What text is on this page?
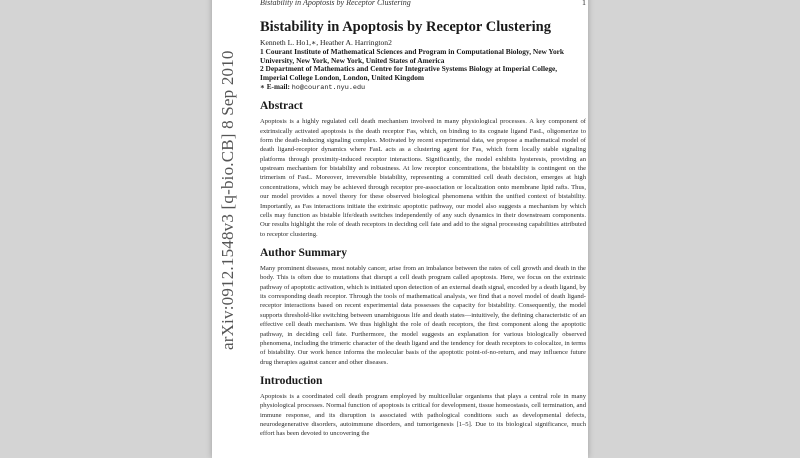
Bistability in Apoptosis by Receptor Clustering	1
arXiv:0912.1548v3 [q-bio.CB] 8 Sep 2010
Bistability in Apoptosis by Receptor Clustering

Kenneth L. Ho1,∗, Heather A. Harrington2

1 Courant Institute of Mathematical Sciences and Program in Computational Biology, New York University, New York, New York, United States of America

2 Department of Mathematics and Centre for Integrative Systems Biology at Imperial College, Imperial College London, London, United Kingdom

∗ E-mail: ho@courant.nyu.edu

Abstract

Apoptosis is a highly regulated cell death mechanism involved in many physiological processes. A key component of extrinsically activated apoptosis is the death receptor Fas, which, on binding to its cognate ligand FasL, oligomerize to form the death-inducing signaling complex. Motivated by recent experimental data, we propose a mathematical model of death ligand-receptor dynamics where FasL acts as a clustering agent for Fas, which form locally stable signaling platforms through proximity-induced receptor interactions. Significantly, the model exhibits hysteresis, providing an upstream mechanism for bistability and robustness. At low receptor concentrations, the bistability is contingent on the trimerism of FasL. Moreover, irreversible bistability, representing a committed cell death decision, emerges at high concentrations, which may be achieved through receptor pre-association or localization onto membrane lipid rafts. Thus, our model provides a novel theory for these observed biological phenomena within the unified context of bistability. Importantly, as Fas interactions initiate the extrinsic apoptotic pathway, our model also suggests a mechanism by which cells may function as bistable life/death switches independently of any such dynamics in their downstream components. Our results highlight the role of death receptors in deciding cell fate and add to the signal processing capabilities attributed to receptor clustering.

Author Summary

Many prominent diseases, most notably cancer, arise from an imbalance between the rates of cell growth and death in the body. This is often due to mutations that disrupt a cell death program called apoptosis. Here, we focus on the extrinsic pathway of apoptotic activation, which is initiated upon detection of an external death signal, encoded by a death ligand, by its corresponding death receptor. Through the tools of mathematical analysis, we find that a novel model of death ligand-receptor interactions based on recent experimental data possesses the capacity for bistability. Consequently, the model supports threshold-like switching between unambiguous life and death states—intuitively, the defining characteristic of an effective cell death mechanism. We thus highlight the role of death receptors, the first component along the apoptotic pathway, in deciding cell fate. Furthermore, the model suggests an explanation for various biologically observed phenomena, including the trimeric character of the death ligand and the tendency for death receptors to colocalize, in terms of bistability. Our work hence informs the molecular basis of the apoptotic point-of-no-return, and may influence future drug therapies against cancer and other diseases.

Introduction

Apoptosis is a coordinated cell death program employed by multicellular organisms that plays a central role in many physiological processes. Normal function of apoptosis is critical for development, tissue homeostasis, cell termination, and immune response, and its disruption is associated with pathological conditions such as developmental defects, neurodegenerative disorders, autoimmune disorders, and tumorigenesis [1–5]. Due to its biological significance, much effort has been devoted to uncovering the
